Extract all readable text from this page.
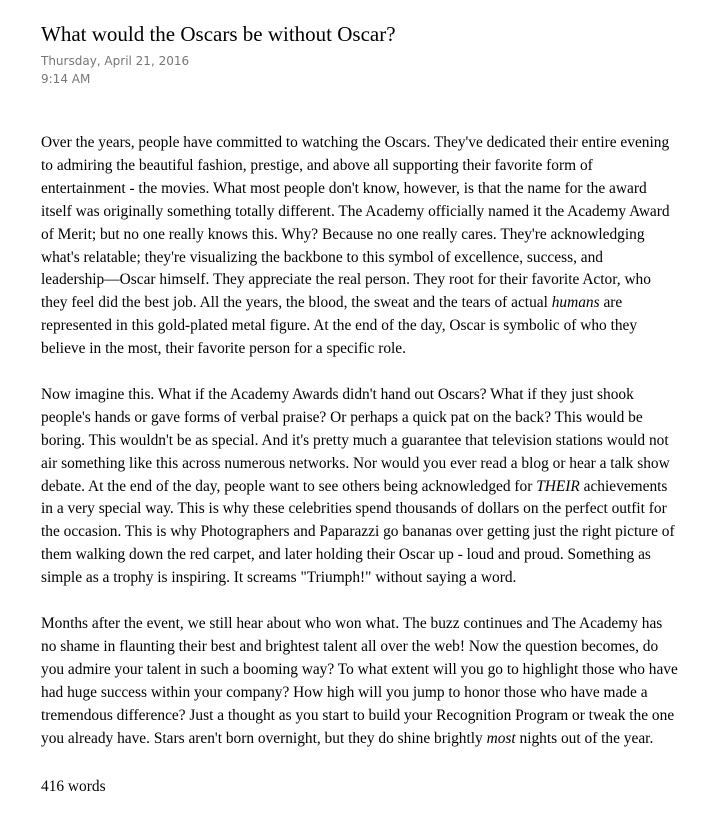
What would the Oscars be without Oscar?
Thursday, April 21, 2016
9:14 AM
Over the years, people have committed to watching the Oscars. They've dedicated their entire evening
to admiring the beautiful fashion, prestige, and above all supporting their favorite form of
entertainment - the movies. What most people don't know, however, is that the name for the award
itself was originally something totally different. The Academy officially named it the Academy Award
of Merit; but no one really knows this. Why? Because no one really cares. They're acknowledging
what's relatable; they're visualizing the backbone to this symbol of excellence, success, and
leadership—Oscar himself. They appreciate the real person. They root for their favorite Actor, who
they feel did the best job. All the years, the blood, the sweat and the tears of actual humans are
represented in this gold-plated metal figure. At the end of the day, Oscar is symbolic of who they
believe in the most, their favorite person for a specific role.
Now imagine this. What if the Academy Awards didn't hand out Oscars? What if they just shook
people's hands or gave forms of verbal praise? Or perhaps a quick pat on the back? This would be
boring. This wouldn't be as special. And it's pretty much a guarantee that television stations would not
air something like this across numerous networks. Nor would you ever read a blog or hear a talk show
debate. At the end of the day, people want to see others being acknowledged for THEIR achievements
in a very special way. This is why these celebrities spend thousands of dollars on the perfect outfit for
the occasion. This is why Photographers and Paparazzi go bananas over getting just the right picture of
them walking down the red carpet, and later holding their Oscar up - loud and proud. Something as
simple as a trophy is inspiring. It screams "Triumph!" without saying a word.
Months after the event, we still hear about who won what. The buzz continues and The Academy has
no shame in flaunting their best and brightest talent all over the web! Now the question becomes, do
you admire your talent in such a booming way? To what extent will you go to highlight those who have
had huge success within your company? How high will you jump to honor those who have made a
tremendous difference? Just a thought as you start to build your Recognition Program or tweak the one
you already have. Stars aren't born overnight, but they do shine brightly most nights out of the year.
416 words
